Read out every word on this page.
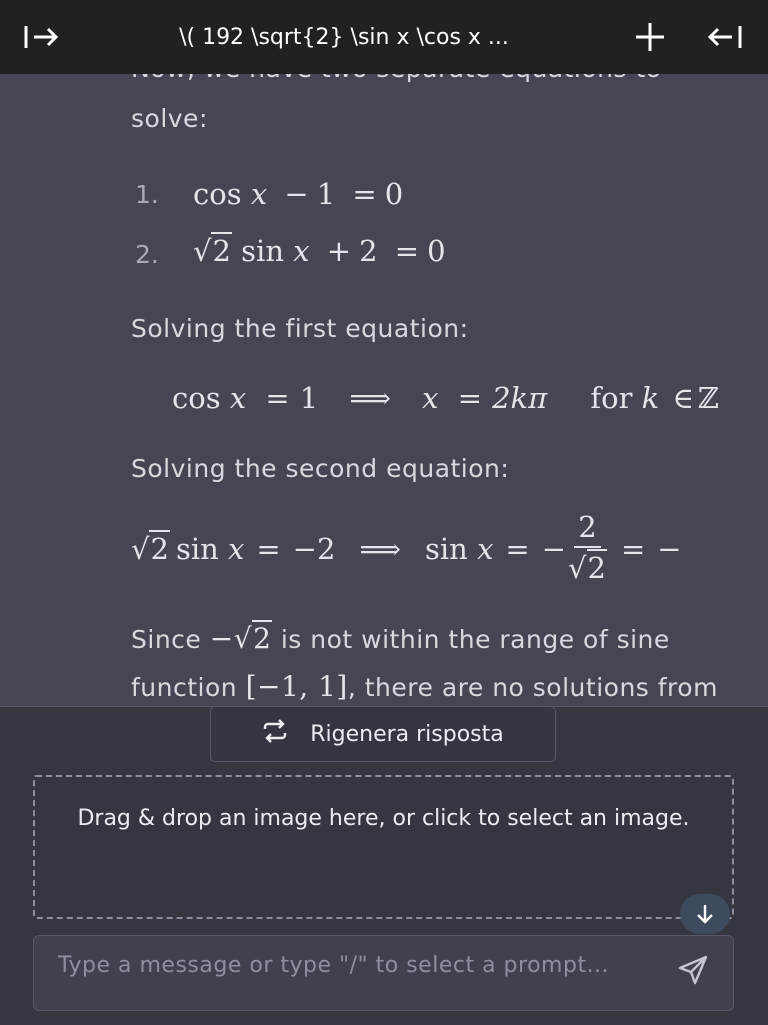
solve:
1. cos x − 1 = 0
2. √2 sin x + 2 = 0
Solving the first equation:
cos x = 1 ⟹ x = 2kπ for k ∈ ℤ
Solving the second equation:
√2 sin
x = −2 ⟹ sin
x = − $\frac{2}{√2}$ = −
Since −√2 is not within the range of sine
function [−1, 1], there are no solutions from
\( 192 \sqrt{2} \sin x \cos x ...
Rigenera risposta
Drag & drop an image here, or click to select an image.
Type a message or type "/" to select a prompt...
